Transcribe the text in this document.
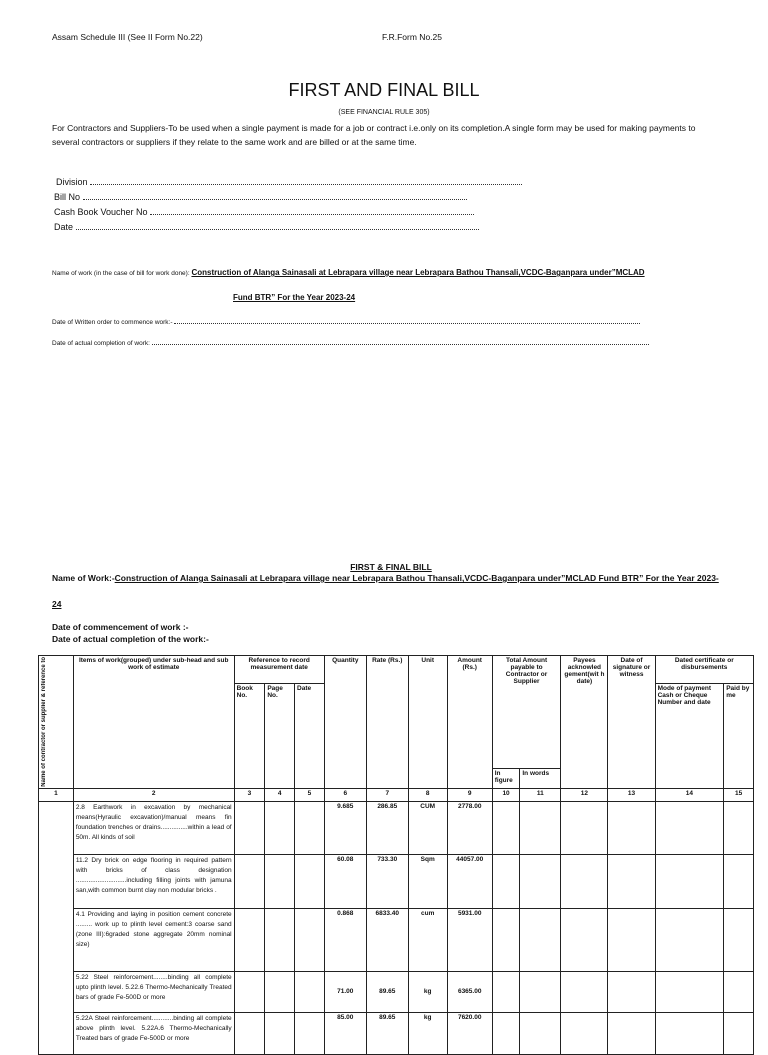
Assam Schedule III (See II Form No.22)	F.R.Form No.25
FIRST AND FINAL BILL
(SEE FINANCIAL RULE 305)
For Contractors and Suppliers-To be used when a single payment is made for a job or contract i.e.only on its completion.A single form may be used for making payments to several contractors or suppliers if they relate to the same work and are billed or at the same time.
Division
Bill No
Cash Book Voucher No
Date
Name of work (in the case of bill for work done): Construction of Alanga Sainasali at Lebrapara village near Lebrapara Bathou Thansali,VCDC-Baganpara under”MCLAD
Fund BTR” For the Year 2023-24
Date of Written order to commence work:-
Date of actual completion of work:
FIRST & FINAL BILL
Name of Work:-Construction of Alanga Sainasali at Lebrapara village near Lebrapara Bathou Thansali,VCDC-Baganpara under”MCLAD Fund BTR” For the Year 2023-
24
Date of commencement of work :-
Date of actual completion of the work:-
Name of contractor or supplier & reference to	Items of work(grouped) under sub-head and sub work of estimate	Reference to record measurement date			Quantity	Rate (Rs.)	Unit	Amount (Rs.)	Total Amount payable to Contractor or Supplier		Payees acknowled gement(wit h date)	Date of signature or witness	Dated certificate or disbursements	
		Book No.	Page No.	Date									Mode of payment Cash or Cheque Number and date	Paid by me
									In figure	In words				
1	2	3	4	5	6	7	8	9	10	11	12	13	14	15
	2.8 Earthwork in excavation by mechanical means(Hyraulic excavation)/manual means fin foundation trenches or drains...............within a lead of 50m. All kinds of soil				9.685	286.85	CUM	2778.00						
	11.2 Dry brick on edge flooring in required pattern with bricks of class designation ............................including filling joints with jamuna san,with common burnt clay non modular bricks .				60.08	733.30	Sqm	44057.00						
	4.1 Providing and laying in position cement concrete ......... work up to plinth level cement:3 coarse sand (zone III):6graded stone aggregate 20mm nominal size)				0.868	6833.40	cum	5931.00						
	5.22 Steel reinforcement........binding all complete upto plinth level. 5.22.6 Thermo-Mechanically Treated bars of grade Fe-500D or more				71.00	89.65	kg	6365.00						
	5.22A Steel reinforcement............binding all complete above plinth level. 5.22A.6 Thermo-Mechanically Treated bars of grade Fe-500D or more				85.00	89.65	kg	7620.00						
